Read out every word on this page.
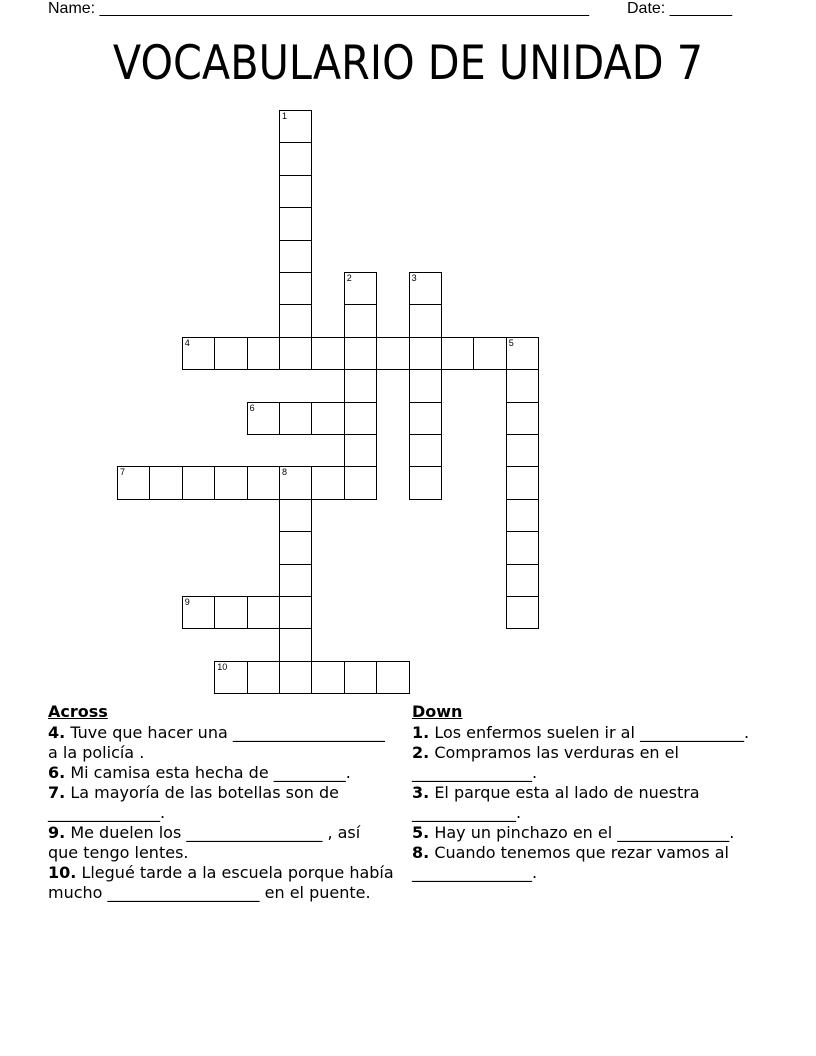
Name: _______________________________________________________ Date: _______
VOCABULARIO DE UNIDAD 7
1
2	3
4	5
6
7	8
9
10
Across
4. Tuve que hacer una ___________________ a la policía .
6. Mi camisa esta hecha de _________.
7. La mayoría de las botellas son de ______________.
9. Me duelen los _________________ , así que tengo lentes.
10. Llegué tarde a la escuela porque había mucho ___________________ en el puente.
Down
1. Los enfermos suelen ir al _____________.
2. Compramos las verduras en el _______________.
3. El parque esta al lado de nuestra _____________.
5. Hay un pinchazo en el ______________.
8. Cuando tenemos que rezar vamos al _______________.
